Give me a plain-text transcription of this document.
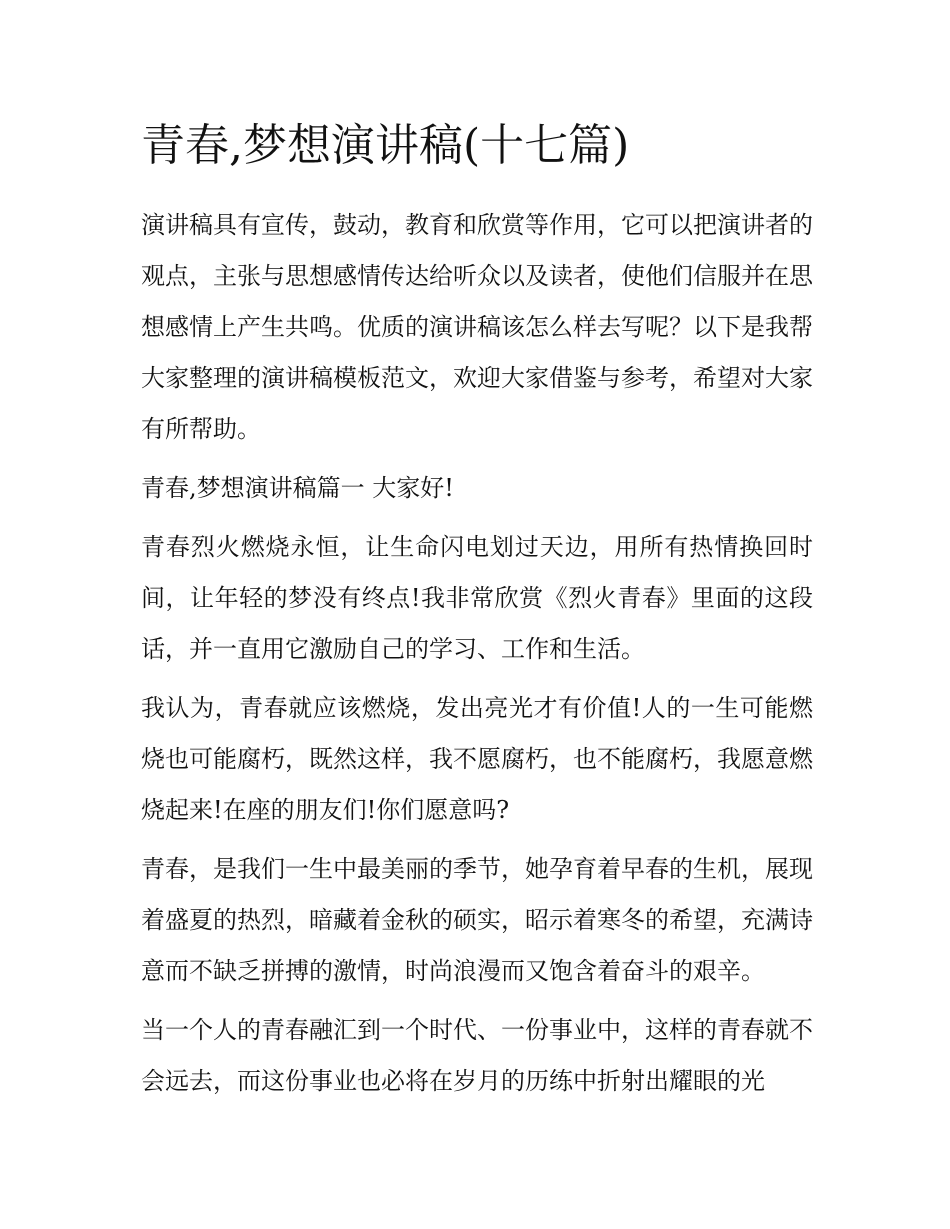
青春,梦想演讲稿(十七篇)

演讲稿具有宣传，鼓动，教育和欣赏等作用，它可以把演讲者的观点，主张与思想感情传达给听众以及读者，使他们信服并在思想感情上产生共鸣。优质的演讲稿该怎么样去写呢？以下是我帮大家整理的演讲稿模板范文，欢迎大家借鉴与参考，希望对大家有所帮助。

青春,梦想演讲稿篇一 大家好!

青春烈火燃烧永恒，让生命闪电划过天边，用所有热情换回时间，让年轻的梦没有终点!我非常欣赏《烈火青春》里面的这段话，并一直用它激励自己的学习、工作和生活。

我认为，青春就应该燃烧，发出亮光才有价值!人的一生可能燃烧也可能腐朽，既然这样，我不愿腐朽，也不能腐朽，我愿意燃烧起来!在座的朋友们!你们愿意吗?

青春，是我们一生中最美丽的季节，她孕育着早春的生机，展现着盛夏的热烈，暗藏着金秋的硕实，昭示着寒冬的希望，充满诗意而不缺乏拼搏的激情，时尚浪漫而又饱含着奋斗的艰辛。

当一个人的青春融汇到一个时代、一份事业中，这样的青春就不会远去，而这份事业也必将在岁月的历练中折射出耀眼的光
